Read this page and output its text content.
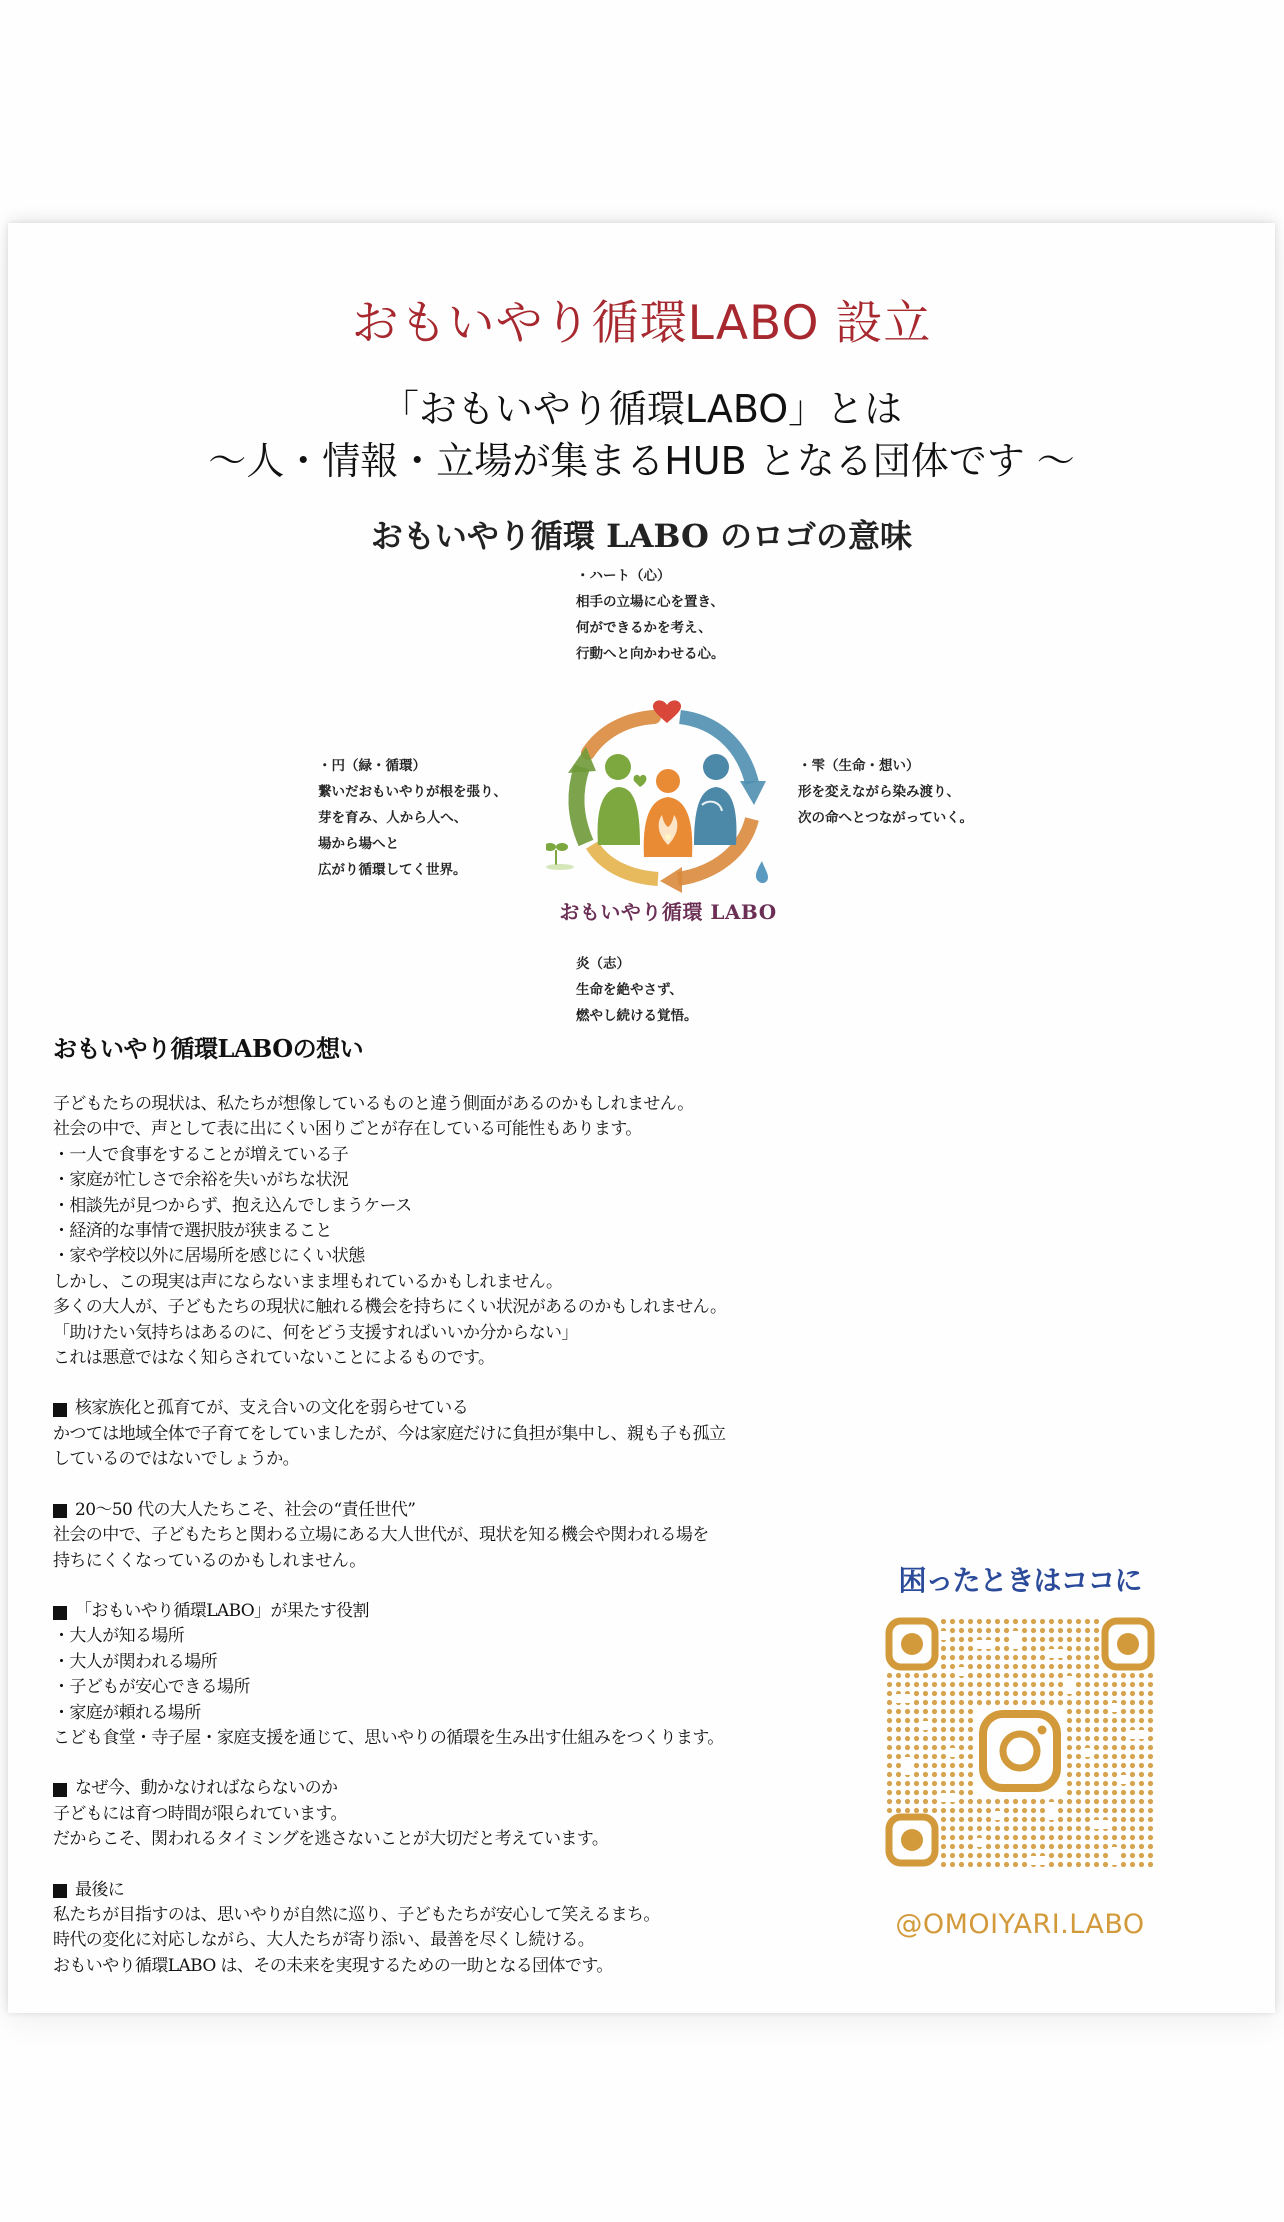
おもいやり循環LABO 設立
「おもいやり循環LABO」とは
～人・情報・立場が集まるHUB となる団体です ～
おもいやり循環 LABO のロゴの意味
・ハート（心）
相手の立場に心を置き、
何ができるかを考え、
行動へと向かわせる心。
・円（緑・循環）
繋いだおもいやりが根を張り、
芽を育み、人から人へ、
場から場へと
広がり循環してく世界。
・雫（生命・想い）
形を変えながら染み渡り、
次の命へとつながっていく。
炎（志）
生命を絶やさず、
燃やし続ける覚悟。
おもいやり循環 LABO
おもいやり循環LABOの想い

子どもたちの現状は、私たちが想像しているものと違う側面があるのかもしれません。

社会の中で、声として表に出にくい困りごとが存在している可能性もあります。

・一人で食事をすることが増えている子

・家庭が忙しさで余裕を失いがちな状況

・相談先が見つからず、抱え込んでしまうケース

・経済的な事情で選択肢が狭まること

・家や学校以外に居場所を感じにくい状態

しかし、この現実は声にならないまま埋もれているかもしれません。

多くの大人が、子どもたちの現状に触れる機会を持ちにくい状況があるのかもしれません。

「助けたい気持ちはあるのに、何をどう支援すればいいか分からない」

これは悪意ではなく知らされていないことによるものです。

核家族化と孤育てが、支え合いの文化を弱らせている

かつては地域全体で子育てをしていましたが、今は家庭だけに負担が集中し、親も子も孤立

しているのではないでしょうか。

20～50 代の大人たちこそ、社会の“責任世代”

社会の中で、子どもたちと関わる立場にある大人世代が、現状を知る機会や関われる場を

持ちにくくなっているのかもしれません。

「おもいやり循環LABO」が果たす役割

・大人が知る場所

・大人が関われる場所

・子どもが安心できる場所

・家庭が頼れる場所

こども食堂・寺子屋・家庭支援を通じて、思いやりの循環を生み出す仕組みをつくります。

なぜ今、動かなければならないのか

子どもには育つ時間が限られています。

だからこそ、関われるタイミングを逃さないことが大切だと考えています。

最後に

私たちが目指すのは、思いやりが自然に巡り、子どもたちが安心して笑えるまち。

時代の変化に対応しながら、大人たちが寄り添い、最善を尽くし続ける。

おもいやり循環LABO は、その未来を実現するための一助となる団体です。

困ったときはココに
@OMOIYARI.LABO
